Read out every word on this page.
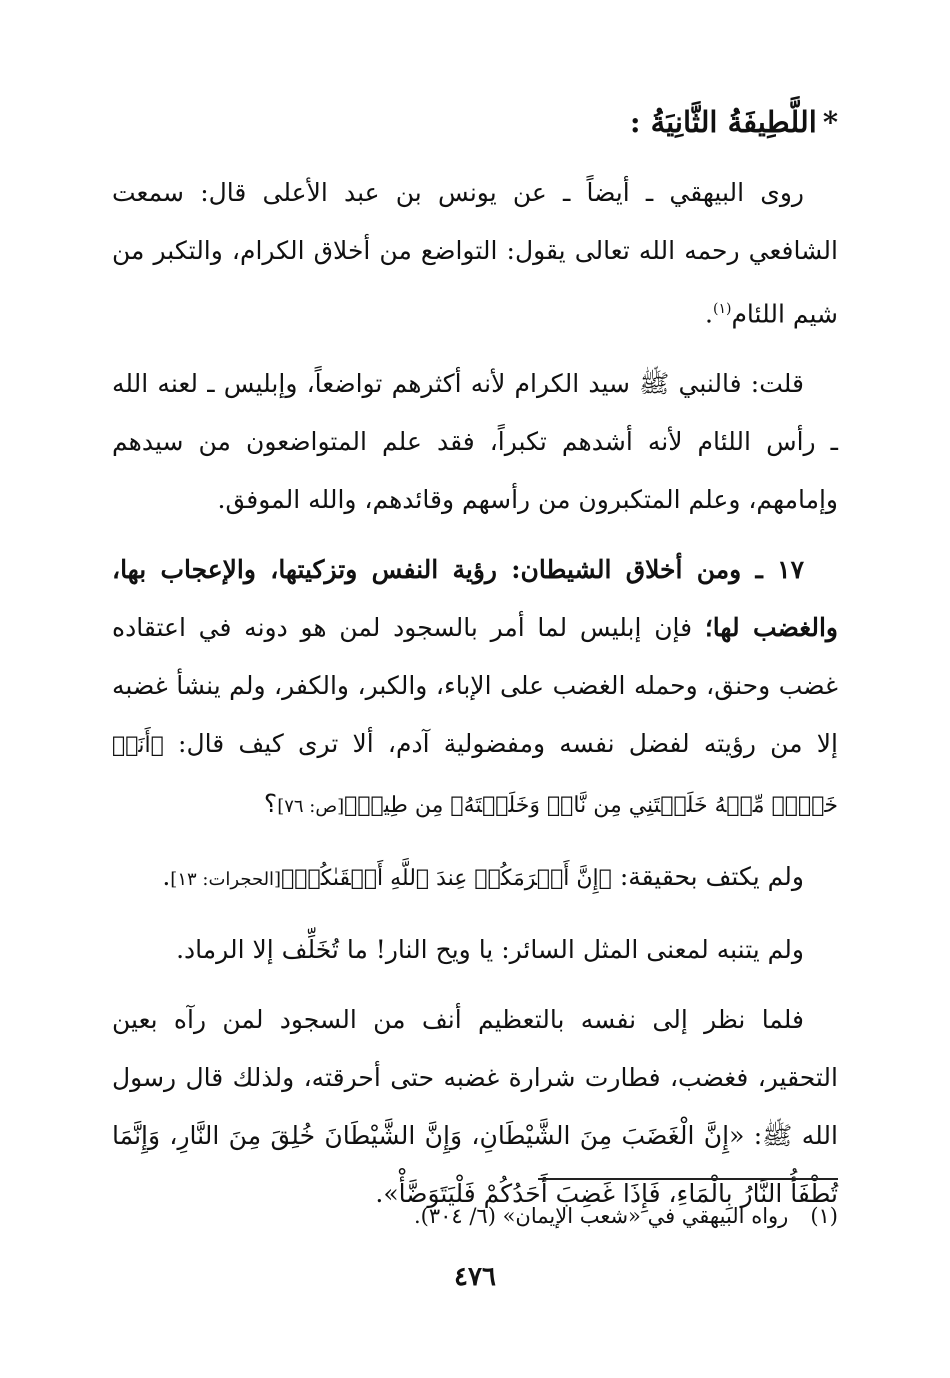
*اللَّطِيفَةُ الثَّانِيَةُ :

روى البيهقي ـ أيضاً ـ عن يونس بن عبد الأعلى قال: سمعت الشافعي رحمه الله تعالى يقول: التواضع من أخلاق الكرام، والتكبر من شيم اللئام$^{(١)}$.

قلت: فالنبي ﷺ سيد الكرام لأنه أكثرهم تواضعاً، وإبليس ـ لعنه الله ـ رأس اللئام لأنه أشدهم تكبراً، فقد علم المتواضعون من سيدهم وإمامهم، وعلم المتكبرون من رأسهم وقائدهم، والله الموفق.

١٧ ـ ومن أخلاق الشيطان: رؤية النفس وتزكيتها، والإعجاب بها، والغضب لها؛ فإن إبليس لما أمر بالسجود لمن هو دونه في اعتقاده غضب وحنق، وحمله الغضب على الإباء، والكبر، والكفر، ولم ينشأ غضبه إلا من رؤيته لفضل نفسه ومفضولية آدم، ألا ترى كيف قال: ﴿أَنَا۠ خَيۡرٞ مِّنۡهُ خَلَقۡتَنِي مِن نَّارٖ وَخَلَقۡتَهُۥ مِن طِينٖ﴾[ص: ٧٦]؟

ولم يكتف بحقيقة: ﴿إِنَّ أَكۡرَمَكُمۡ عِندَ ٱللَّهِ أَتۡقَىٰكُمۡ﴾[الحجرات: ١٣].

ولم يتنبه لمعنى المثل السائر: يا ويح النار! ما تُخَلِّف إلا الرماد.

فلما نظر إلى نفسه بالتعظيم أنف من السجود لمن رآه بعين التحقير، فغضب، فطارت شرارة غضبه حتى أحرقته، ولذلك قال رسول الله ﷺ: «إِنَّ الْغَضَبَ مِنَ الشَّيْطَانِ، وَإِنَّ الشَّيْطَانَ خُلِقَ مِنَ النَّارِ، وَإِنَّمَا تُطْفَأُ النَّارُ بِالْمَاءِ، فَإِذَا غَضِبَ أَحَدُكُمْ فَلْيَتَوَضَّأْ».

(١)رواه البيهقي في «شعب الإيمان» (٦/ ٣٠٤).
٤٧٦
